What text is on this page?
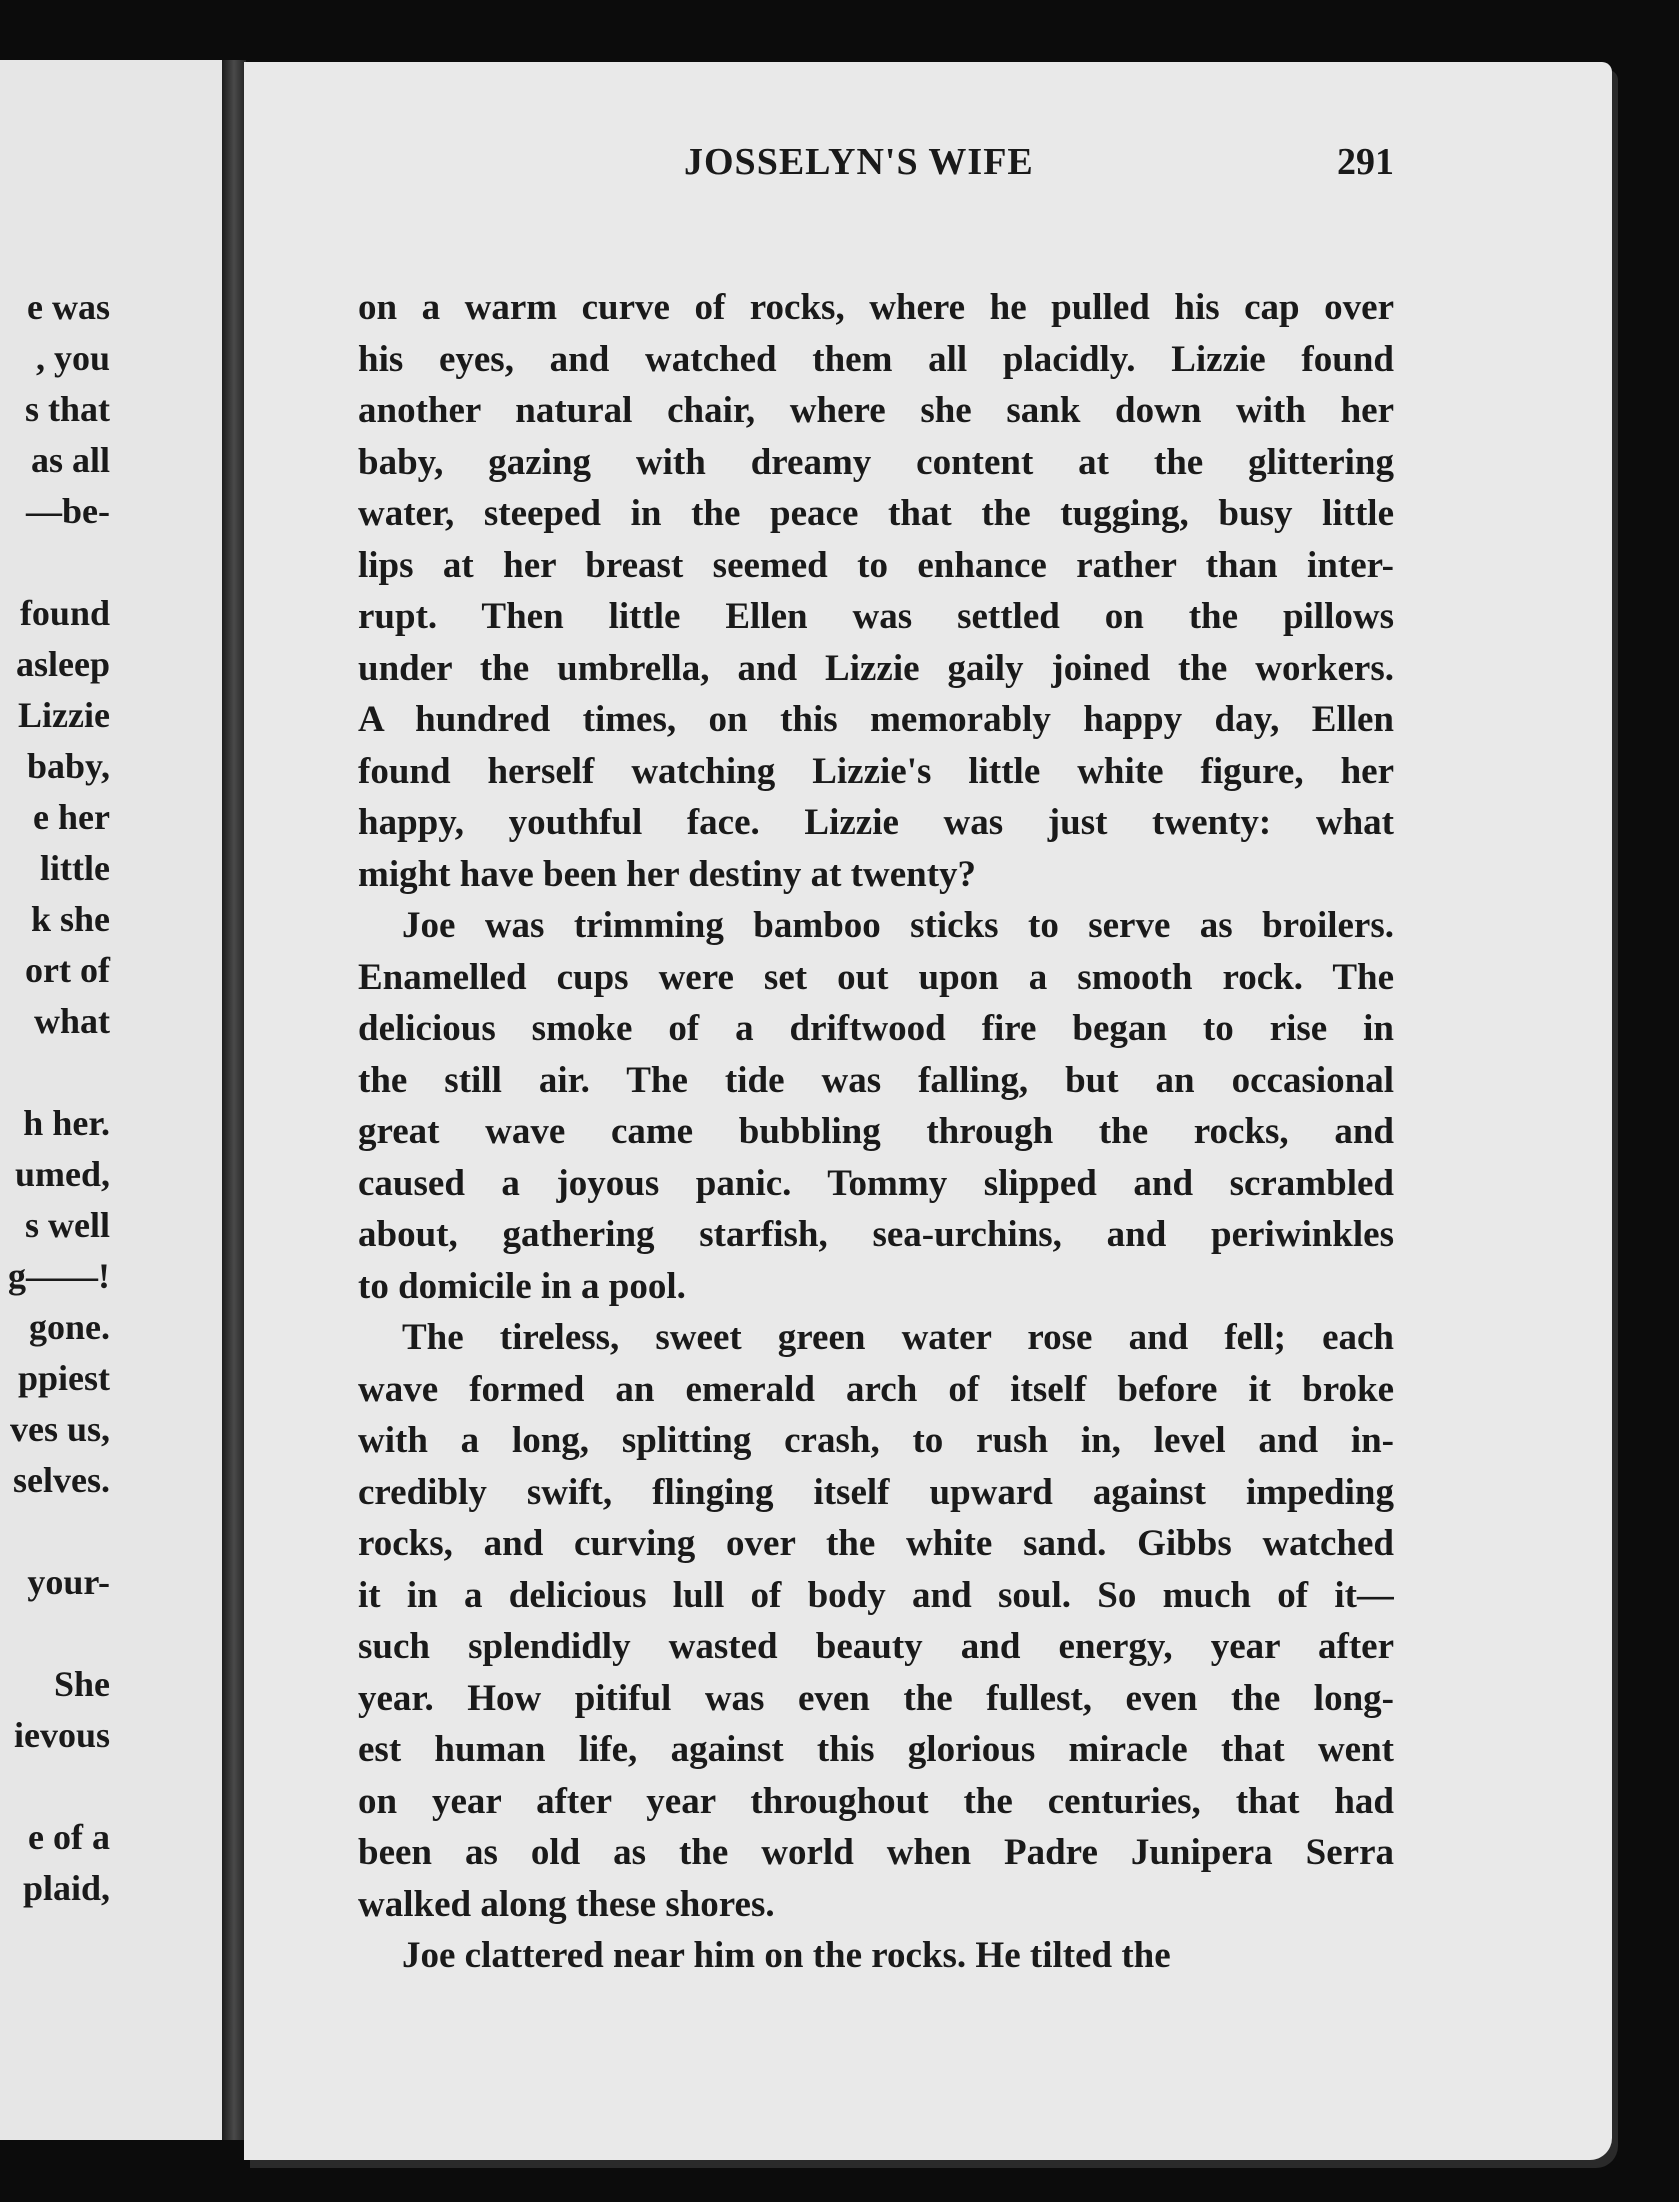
e was
, you
s that
as all
—be-
found
asleep
Lizzie
baby,
e her
little
k she
ort of
what
h her.
umed,
s well
g——!
gone.
ppiest
ves us,
selves.
your-
She
ievous
e of a
plaid,
JOSSELYN'S WIFE	291
on a warm curve of rocks, where he pulled his cap over
his eyes, and watched them all placidly. Lizzie found
another natural chair, where she sank down with her
baby, gazing with dreamy content at the glittering
water, steeped in the peace that the tugging, busy little
lips at her breast seemed to enhance rather than inter-
rupt. Then little Ellen was settled on the pillows
under the umbrella, and Lizzie gaily joined the workers.
A hundred times, on this memorably happy day, Ellen
found herself watching Lizzie's little white figure, her
happy, youthful face. Lizzie was just twenty: what
might have been her destiny at twenty?
Joe was trimming bamboo sticks to serve as broilers.
Enamelled cups were set out upon a smooth rock. The
delicious smoke of a driftwood fire began to rise in
the still air. The tide was falling, but an occasional
great wave came bubbling through the rocks, and
caused a joyous panic. Tommy slipped and scrambled
about, gathering starfish, sea-urchins, and periwinkles
to domicile in a pool.
The tireless, sweet green water rose and fell; each
wave formed an emerald arch of itself before it broke
with a long, splitting crash, to rush in, level and in-
credibly swift, flinging itself upward against impeding
rocks, and curving over the white sand. Gibbs watched
it in a delicious lull of body and soul. So much of it—
such splendidly wasted beauty and energy, year after
year. How pitiful was even the fullest, even the long-
est human life, against this glorious miracle that went
on year after year throughout the centuries, that had
been as old as the world when Padre Junipera Serra
walked along these shores.
Joe clattered near him on the rocks. He tilted the
